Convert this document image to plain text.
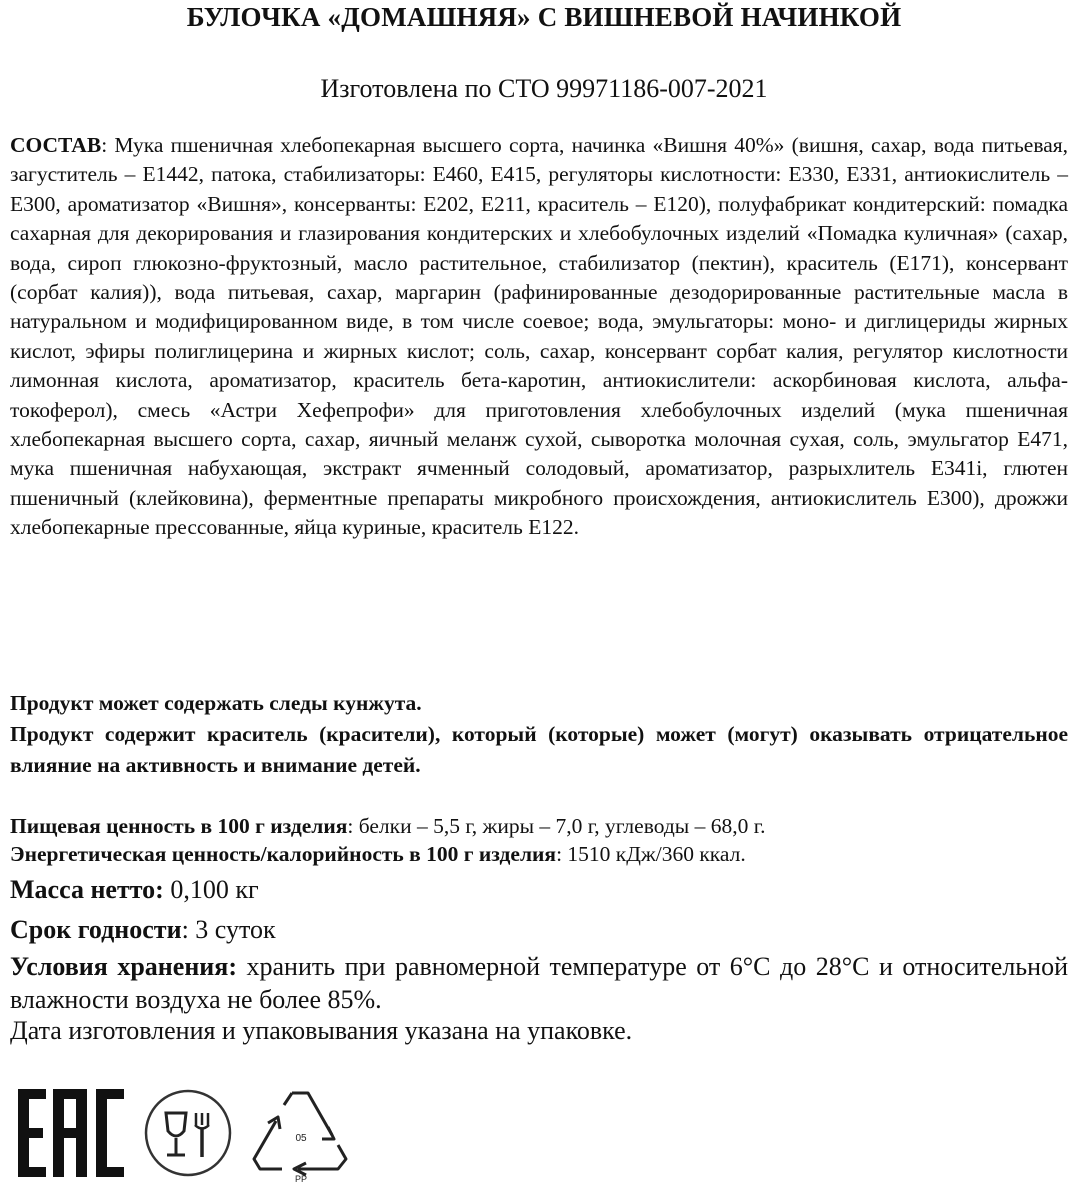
БУЛОЧКА «ДОМАШНЯЯ» С ВИШНЕВОЙ НАЧИНКОЙ
Изготовлена по СТО 99971186-007-2021
СОСТАВ: Мука пшеничная хлебопекарная высшего сорта, начинка «Вишня 40%» (вишня, сахар, вода питьевая, загуститель – Е1442, патока, стабилизаторы: Е460, Е415, регуляторы кислотности: Е330, Е331, антиокислитель – Е300, ароматизатор «Вишня», консерванты: Е202, Е211, краситель – Е120), полуфабрикат кондитерский: помадка сахарная для декорирования и глазирования кондитерских и хлебобулочных изделий «Помадка куличная» (сахар, вода, сироп глюкозно-фруктозный, масло растительное, стабилизатор (пектин), краситель (Е171), консервант (сорбат калия)), вода питьевая, сахар, маргарин (рафинированные дезодорированные растительные масла в натуральном и модифицированном виде, в том числе соевое; вода, эмульгаторы: моно- и диглицериды жирных кислот, эфиры полиглицерина и жирных кислот; соль, сахар, консервант сорбат калия, регулятор кислотности лимонная кислота, ароматизатор, краситель бета-каротин, антиокислители: аскорбиновая кислота, альфа-токоферол), смесь «Астри Хефепрофи» для приготовления хлебобулочных изделий (мука пшеничная хлебопекарная высшего сорта, сахар, яичный меланж сухой, сыворотка молочная сухая, соль, эмульгатор Е471, мука пшеничная набухающая, экстракт ячменный солодовый, ароматизатор, разрыхлитель Е341i, глютен пшеничный (клейковина), ферментные препараты микробного происхождения, антиокислитель Е300), дрожжи хлебопекарные прессованные, яйца куриные, краситель Е122.
Продукт может содержать следы кунжута.
Продукт содержит краситель (красители), который (которые) может (могут) оказывать отрицательное влияние на активность и внимание детей.
Пищевая ценность в 100 г изделия: белки – 5,5 г, жиры – 7,0 г, углеводы – 68,0 г.
Энергетическая ценность/калорийность в 100 г изделия: 1510 кДж/360 ккал.
Масса нетто: 0,100 кг
Срок годности: 3 суток
Условия хранения: хранить при равномерной температуре от 6°С до 28°С и относительной влажности воздуха не более 85%.
Дата изготовления и упаковывания указана на упаковке.
05
PP
